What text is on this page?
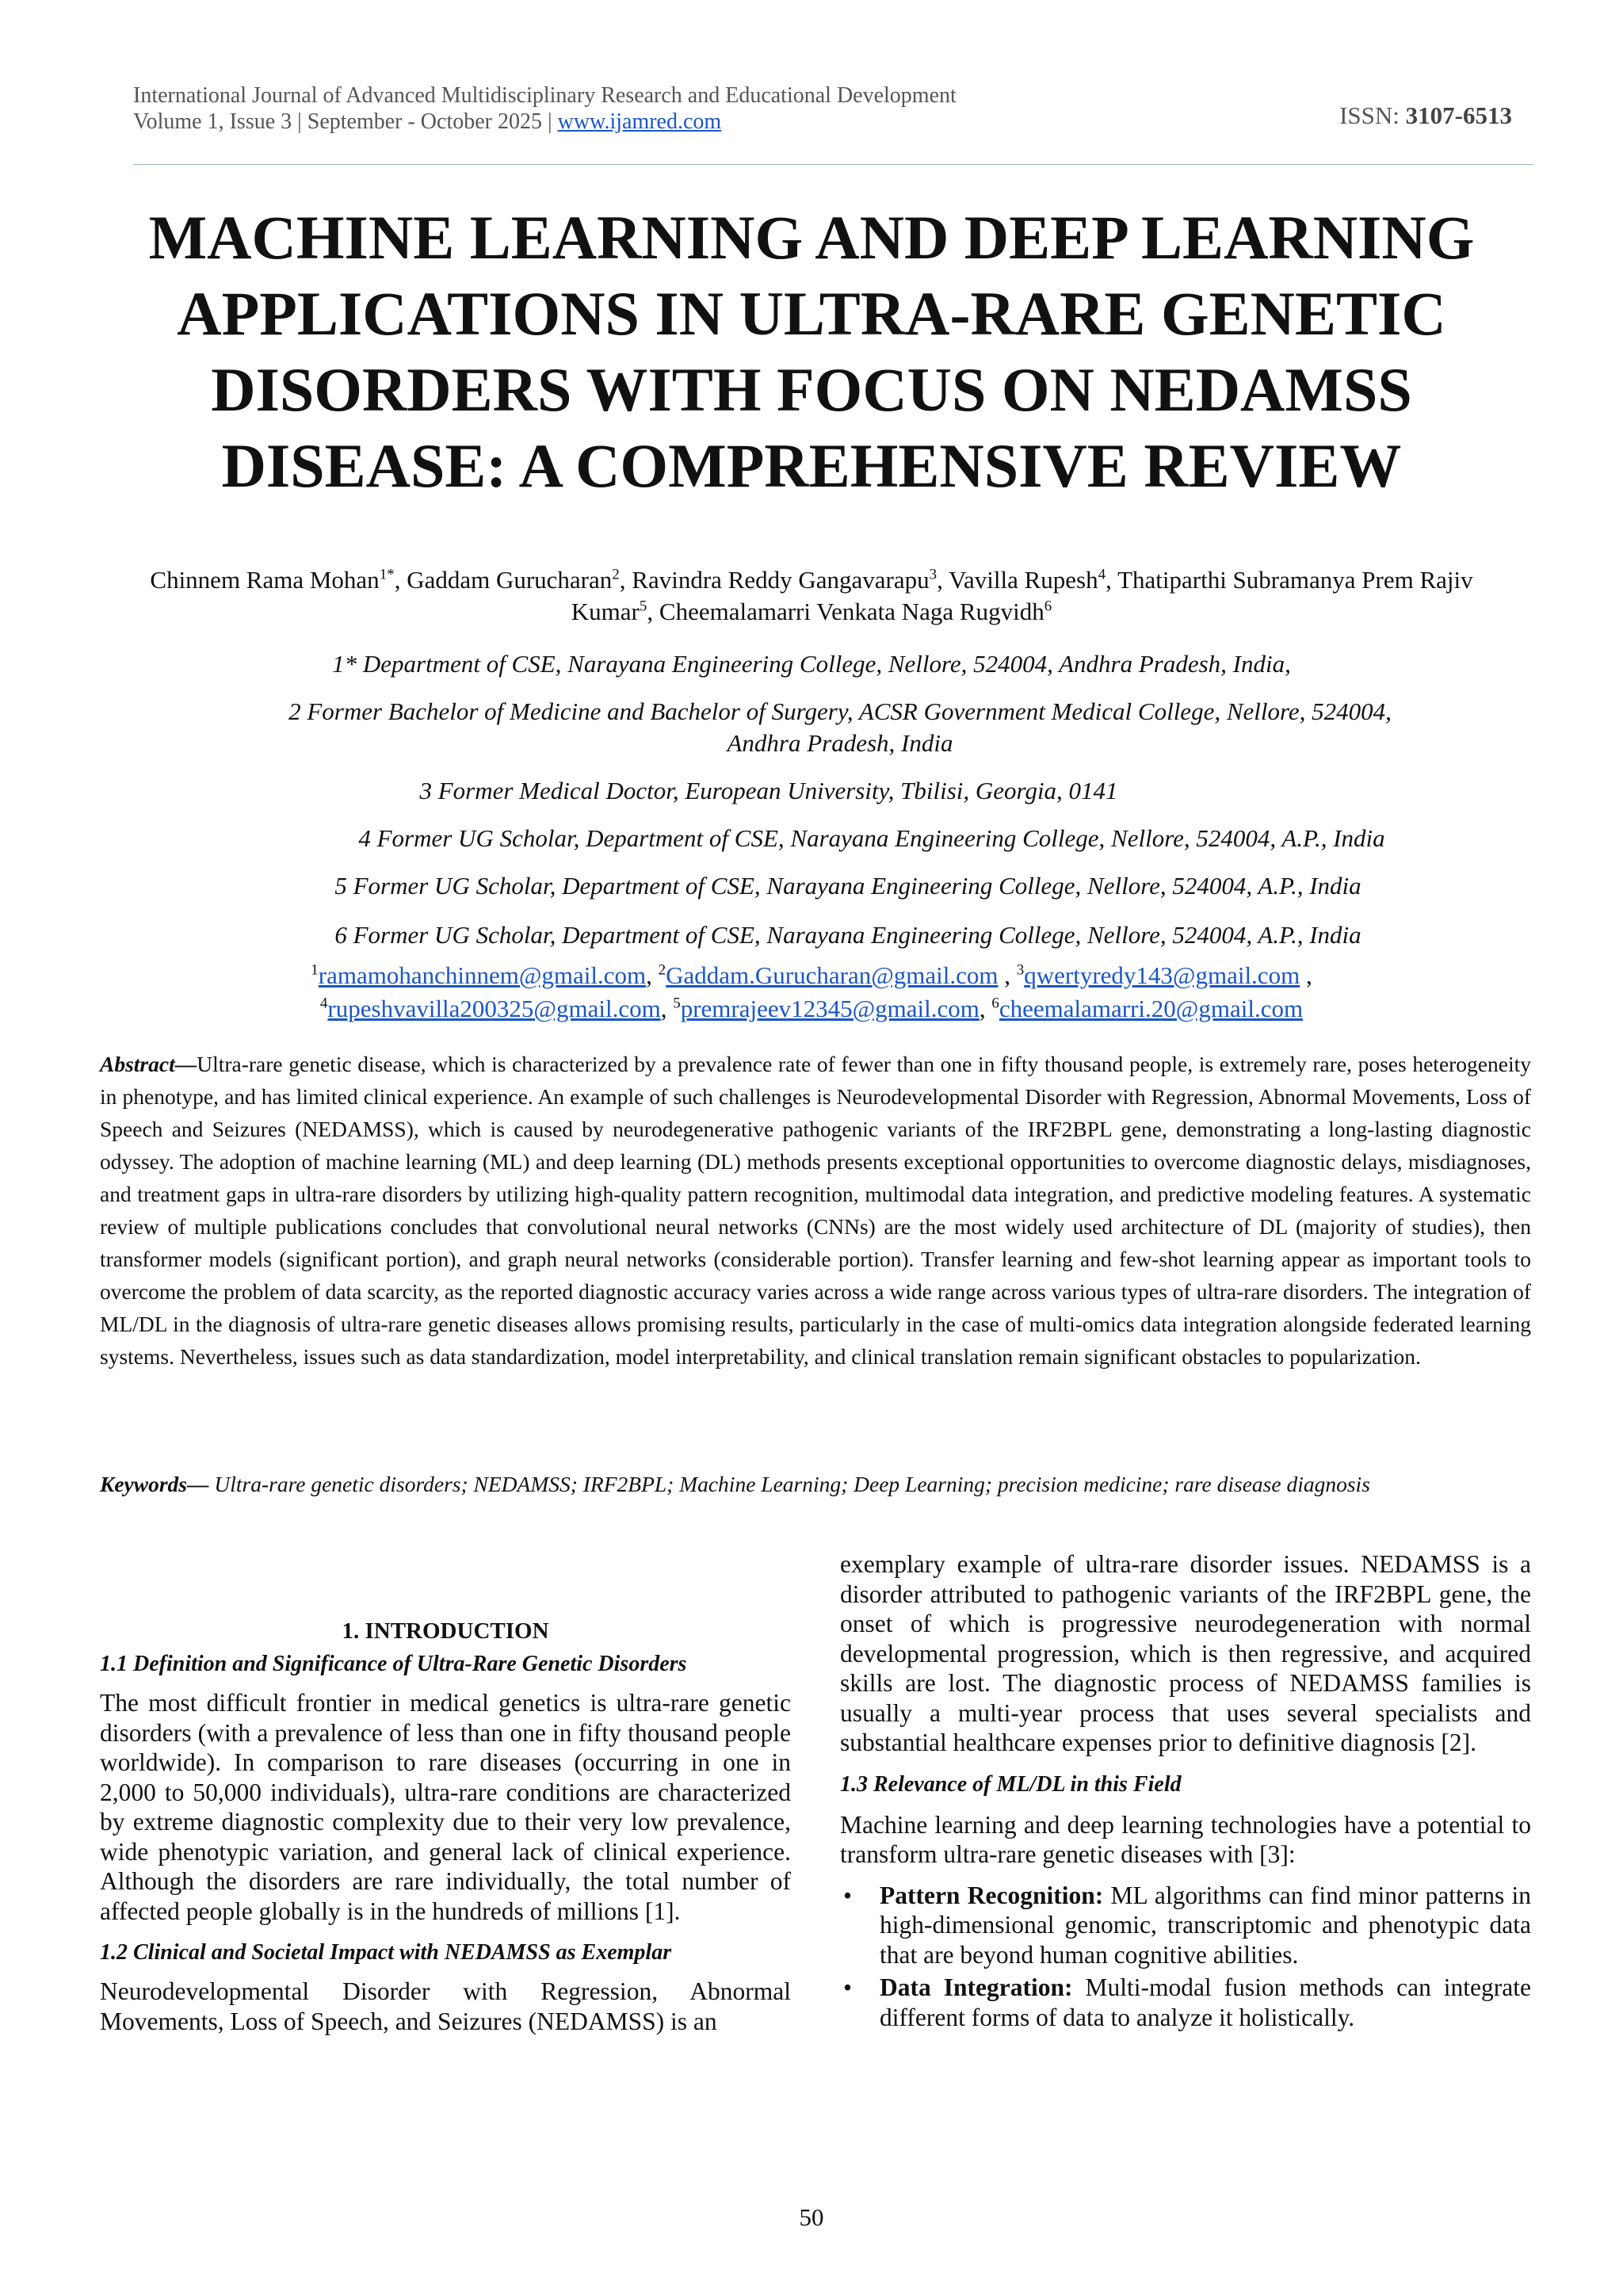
International Journal of Advanced Multidisciplinary Research and Educational Development
Volume 1, Issue 3 | September - October 2025 | www.ijamred.com	ISSN: 3107-6513
MACHINE LEARNING AND DEEP LEARNING
APPLICATIONS IN ULTRA-RARE GENETIC
DISORDERS WITH FOCUS ON NEDAMSS
DISEASE: A COMPREHENSIVE REVIEW
Chinnem Rama Mohan$^{1*}$, Gaddam Gurucharan$^2$, Ravindra Reddy Gangavarapu$^3$, Vavilla Rupesh$^4$, Thatiparthi Subramanya Prem Rajiv Kumar$^5$, Cheemalamarri Venkata Naga Rugvidh$^6$
1* Department of CSE, Narayana Engineering College, Nellore, 524004, Andhra Pradesh, India,
2 Former Bachelor of Medicine and Bachelor of Surgery, ACSR Government Medical College, Nellore, 524004, Andhra Pradesh, India
3 Former Medical Doctor, European University, Tbilisi, Georgia, 0141
4 Former UG Scholar, Department of CSE, Narayana Engineering College, Nellore, 524004, A.P., India
5 Former UG Scholar, Department of CSE, Narayana Engineering College, Nellore, 524004, A.P., India
6 Former UG Scholar, Department of CSE, Narayana Engineering College, Nellore, 524004, A.P., India
$^1$ramamohanchinnem@gmail.com, $^2$Gaddam.Gurucharan@gmail.com , $^3$qwertyredy143@gmail.com ,
$^4$rupeshvavilla200325@gmail.com, $^5$premrajeev12345@gmail.com, $^6$cheemalamarri.20@gmail.com
Abstract—Ultra-rare genetic disease, which is characterized by a prevalence rate of fewer than one in fifty thousand people, is extremely rare, poses heterogeneity in phenotype, and has limited clinical experience. An example of such challenges is Neurodevelopmental Disorder with Regression, Abnormal Movements, Loss of Speech and Seizures (NEDAMSS), which is caused by neurodegenerative pathogenic variants of the IRF2BPL gene, demonstrating a long-lasting diagnostic odyssey. The adoption of machine learning (ML) and deep learning (DL) methods presents exceptional opportunities to overcome diagnostic delays, misdiagnoses, and treatment gaps in ultra-rare disorders by utilizing high-quality pattern recognition, multimodal data integration, and predictive modeling features. A systematic review of multiple publications concludes that convolutional neural networks (CNNs) are the most widely used architecture of DL (majority of studies), then transformer models (significant portion), and graph neural networks (considerable portion). Transfer learning and few-shot learning appear as important tools to overcome the problem of data scarcity, as the reported diagnostic accuracy varies across a wide range across various types of ultra-rare disorders. The integration of ML/DL in the diagnosis of ultra-rare genetic diseases allows promising results, particularly in the case of multi-omics data integration alongside federated learning systems. Nevertheless, issues such as data standardization, model interpretability, and clinical translation remain significant obstacles to popularization.
Keywords— Ultra-rare genetic disorders; NEDAMSS; IRF2BPL; Machine Learning; Deep Learning; precision medicine; rare disease diagnosis
1. INTRODUCTION
1.1 Definition and Significance of Ultra-Rare Genetic Disorders

The most difficult frontier in medical genetics is ultra-rare genetic disorders (with a prevalence of less than one in fifty thousand people worldwide). In comparison to rare diseases (occurring in one in 2,000 to 50,000 individuals), ultra-rare conditions are characterized by extreme diagnostic complexity due to their very low prevalence, wide phenotypic variation, and general lack of clinical experience. Although the disorders are rare individually, the total number of affected people globally is in the hundreds of millions [1].

1.2 Clinical and Societal Impact with NEDAMSS as Exemplar

Neurodevelopmental Disorder with Regression, Abnormal Movements, Loss of Speech, and Seizures (NEDAMSS) is an

exemplary example of ultra-rare disorder issues. NEDAMSS is a disorder attributed to pathogenic variants of the IRF2BPL gene, the onset of which is progressive neurodegeneration with normal developmental progression, which is then regressive, and acquired skills are lost. The diagnostic process of NEDAMSS families is usually a multi-year process that uses several specialists and substantial healthcare expenses prior to definitive diagnosis [2].

1.3 Relevance of ML/DL in this Field

Machine learning and deep learning technologies have a potential to transform ultra-rare genetic diseases with [3]:

• Pattern Recognition: ML algorithms can find minor patterns in high-dimensional genomic, transcriptomic and phenotypic data that are beyond human cognitive abilities.

• Data Integration: Multi-modal fusion methods can integrate different forms of data to analyze it holistically.

50
